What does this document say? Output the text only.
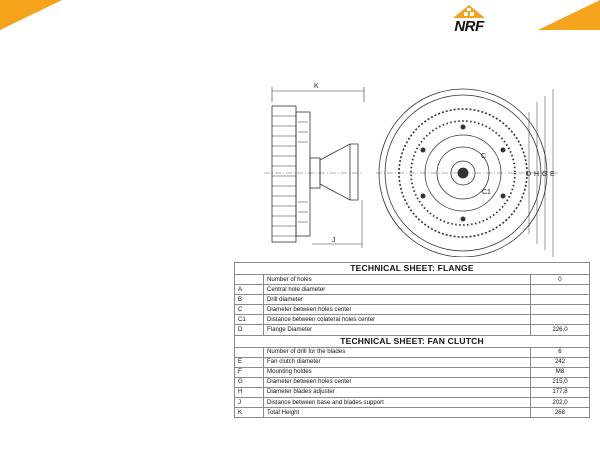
NRF
K
J
D H G E
C
C1
TECHNICAL SHEET: FLANGE		
	Number of holes	0
A	Central hole diameter	
B	Drill diameter	
C	Diameter between holes center	
C1	Distance between colateral holes center	
D	Flange Diameter	226,0
TECHNICAL SHEET: FAN CLUTCH		
	Number of drill for the blades	6
E	Fan clutch diameter	242
F	Mounting holdes	M8
G	Diameter between holes center	215,0
H	Diameter blades adjuster	177,8
J	Distance between base and blades support	202,0
K	Total Height	268
